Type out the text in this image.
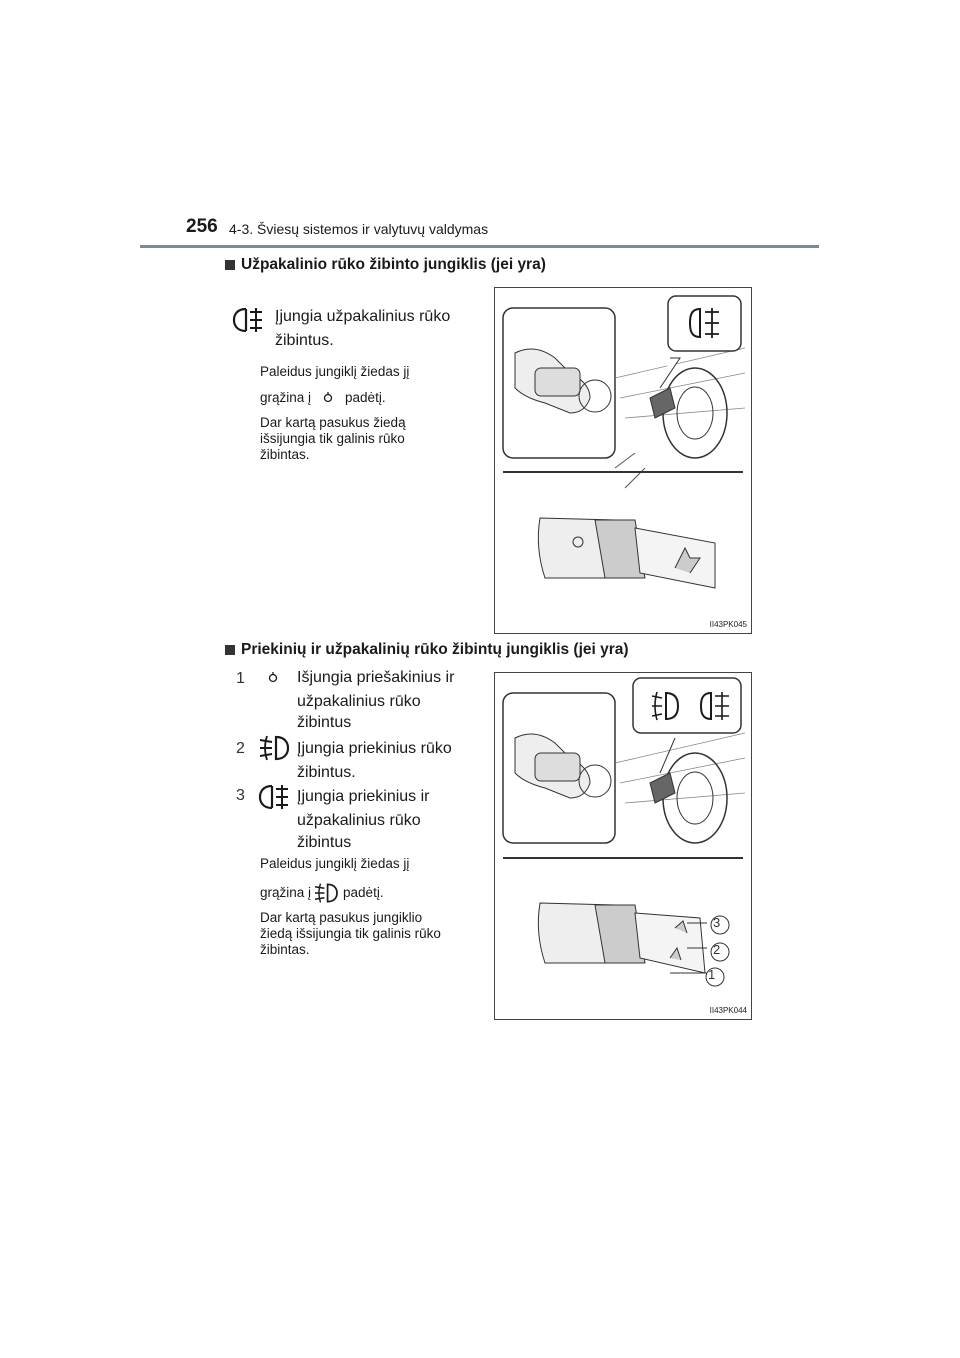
256 4-3. Šviesų sistemos ir valytuvų valdymas
Užpakalinio rūko žibinto jungiklis (jei yra)
Įjungia užpakalinius rūko
žibintus.
Paleidus jungiklį žiedas jį
grąžina į	padėtį.
Dar kartą pasukus žiedą
išsijungia tik galinis rūko
žibintas.
II43PK045
Priekinių ir užpakalinių rūko žibintų jungiklis (jei yra)
1	Išjungia priešakinius ir
užpakalinius rūko
žibintus
2	Įjungia priekinius rūko
žibintus.
3	Įjungia priekinius ir
užpakalinius rūko
žibintus
Paleidus jungiklį žiedas jį
grąžina į padėtį.
Dar kartą pasukus jungiklio
žiedą išsijungia tik galinis rūko
žibintas.
3
2
1
II43PK044
